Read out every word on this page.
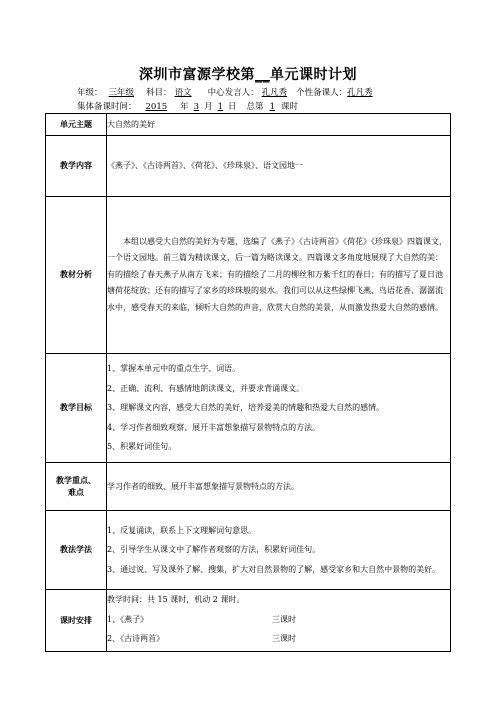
深圳市富源学校第__单元课时计划
年级： 三年级 科目： 语文 中心发言人： 孔凡秀 个性备课人：孔凡秀
集体备课时间： 2015 年 3 月 1 日 总第 1 课时
单元主题	大自然的美好
教学内容	《燕子》、《古诗两首》、《荷花》、《珍珠泉》、语文园地一
教材分析	本组以感受大自然的美好为专题，选编了《燕子》《古诗两首》《荷花》《珍珠泉》四篇课文，一个语文园地。前三篇为精读课文，后一篇为略读课文。四篇课文多角度地展现了大自然的美：有的描绘了春天燕子从南方飞来；有的描绘了二月的柳丝和万紫千红的春日；有的描写了夏日池塘荷花绽放；还有的描写了家乡的珍珠般的泉水。我们可以从这些绿柳飞燕、鸟语花香、潺潺流水中，感受春天的来临，倾听大自然的声音，欣赏大自然的美景，从而激发热爱大自然的感情。

教学目标	1、掌握本单元中的重点生字、词语。
2、正确、流利、有感情地朗读课文，并要求背诵课文。
3、理解课文内容，感受大自然的美好，培养爱美的情趣和热爱大自然的感情。
4、学习作者细致观察、展开丰富想象描写景物特点的方法。
5、积累好词佳句。

教学重点、
难点	学习作者的细致、展开丰富想象描写景物特点的方法。
教法学法	1、反复诵读，联系上下文理解词句意思。
2、引导学生从课文中了解作者观察的方法，积累好词佳句。
3、通过说、写及课外了解、搜集，扩大对自然景物的了解，感受家乡和大自然中景物的美好。

课时安排	教学时间：共 15 课时，机动 2 课时。
1、《燕子》 三课时
2、《古诗两首》 三课时
